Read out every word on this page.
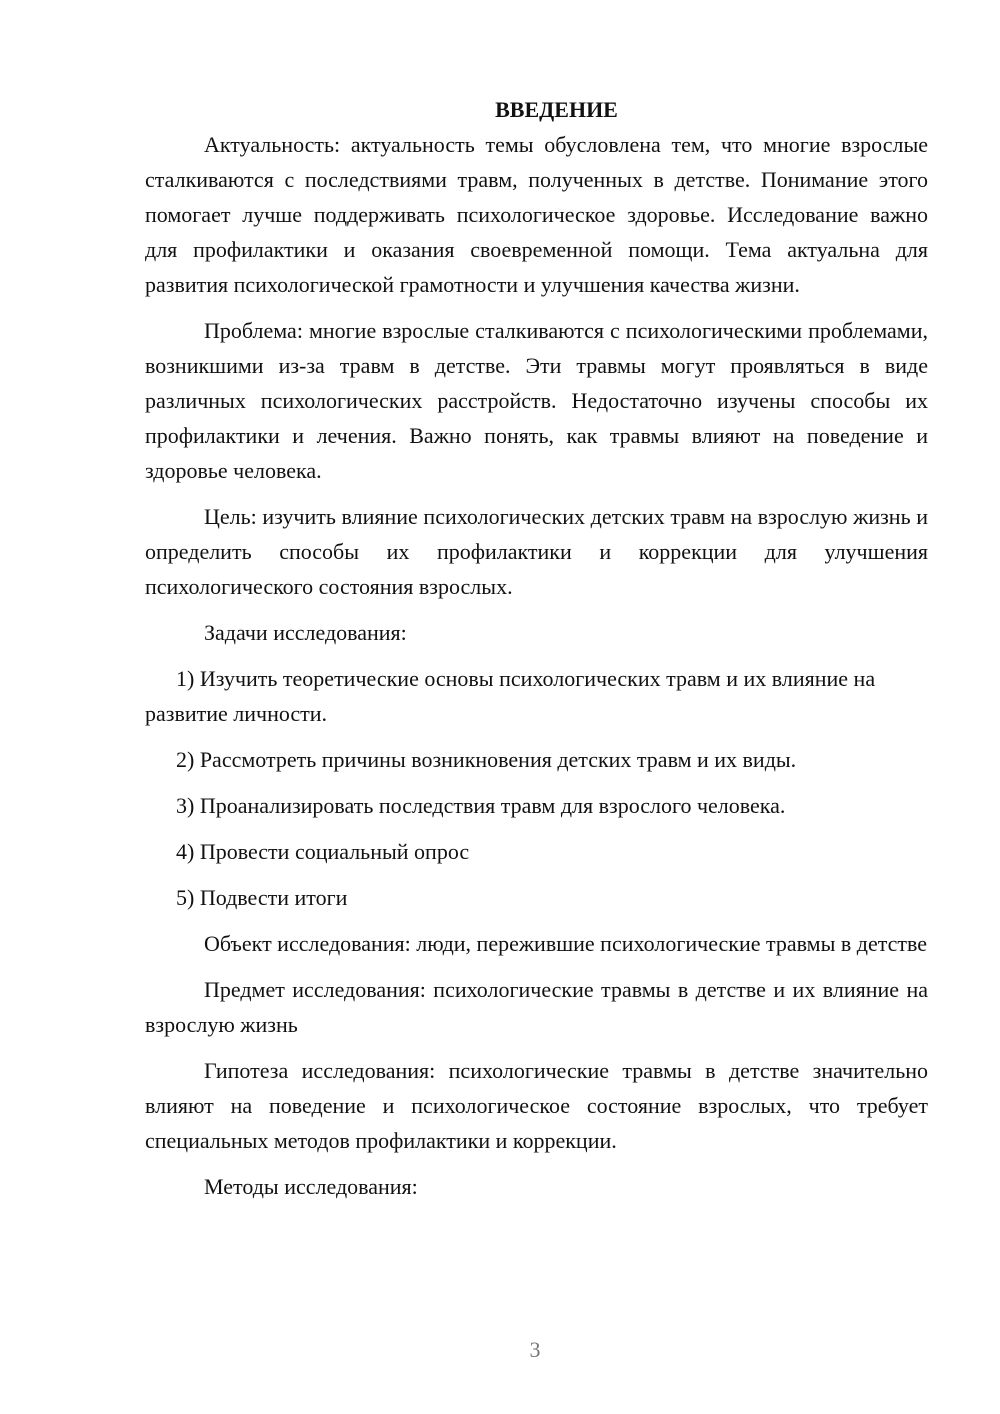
ВВЕДЕНИЕ

Актуальность: актуальность темы обусловлена тем, что многие взрослые сталкиваются с последствиями травм, полученных в детстве. Понимание этого помогает лучше поддерживать психологическое здоровье. Исследование важно для профилактики и оказания своевременной помощи. Тема актуальна для развития психологической грамотности и улучшения качества жизни.

Проблема: многие взрослые сталкиваются с психологическими проблемами, возникшими из-за травм в детстве. Эти травмы могут проявляться в виде различных психологических расстройств. Недостаточно изучены способы их профилактики и лечения. Важно понять, как травмы влияют на поведение и здоровье человека.

Цель: изучить влияние психологических детских травм на взрослую жизнь и определить способы их профилактики и коррекции для улучшения психологического состояния взрослых.

Задачи исследования:

1) Изучить теоретические основы психологических травм и их влияние на развитие личности.

2) Рассмотреть причины возникновения детских травм и их виды.

3) Проанализировать последствия травм для взрослого человека.

4) Провести социальный опрос

5) Подвести итоги

Объект исследования: люди, пережившие психологические травмы в детстве

Предмет исследования: психологические травмы в детстве и их влияние на взрослую жизнь

Гипотеза исследования: психологические травмы в детстве значительно влияют на поведение и психологическое состояние взрослых, что требует специальных методов профилактики и коррекции.

Методы исследования:

3
